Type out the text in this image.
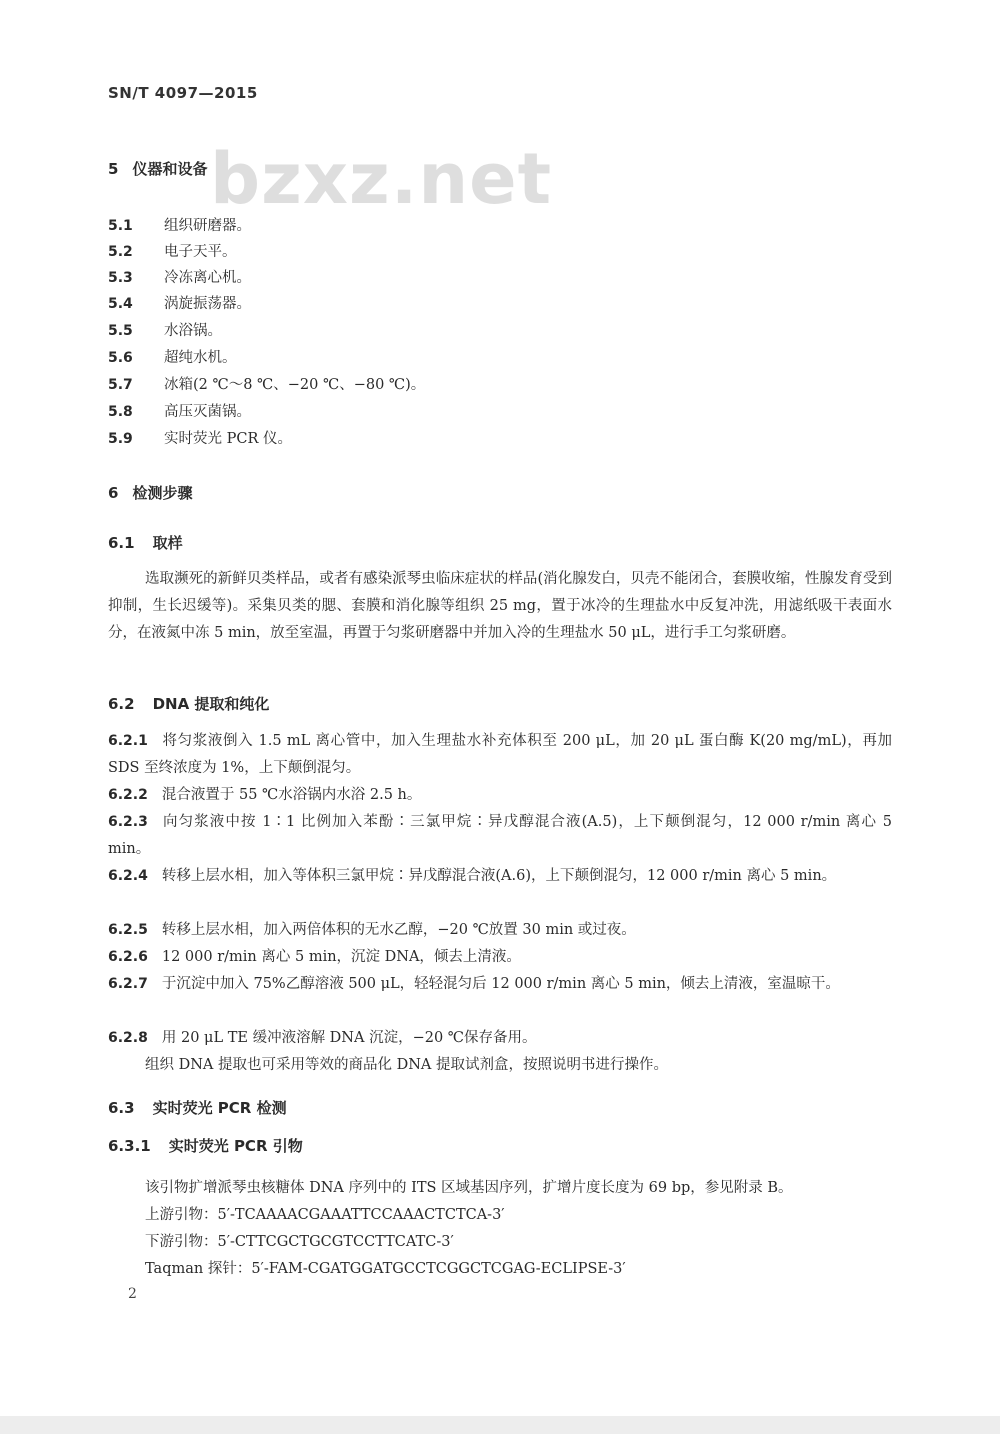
SN/T 4097—2015
bzxz.net
5 仪器和设备
5.1 组织研磨器。
5.2 电子天平。
5.3 冷冻离心机。
5.4 涡旋振荡器。
5.5 水浴锅。
5.6 超纯水机。
5.7 冰箱(2 ℃～8 ℃、−20 ℃、−80 ℃)。
5.8 高压灭菌锅。
5.9 实时荧光 PCR 仪。
6 检测步骤
6.1 取样
选取濒死的新鲜贝类样品，或者有感染派琴虫临床症状的样品(消化腺发白，贝壳不能闭合，套膜收缩，性腺发育受到抑制，生长迟缓等)。采集贝类的腮、套膜和消化腺等组织 25 mg，置于冰冷的生理盐水中反复冲洗，用滤纸吸干表面水分，在液氮中冻 5 min，放至室温，再置于匀浆研磨器中并加入冷的生理盐水 50 μL，进行手工匀浆研磨。
6.2 DNA 提取和纯化
6.2.1 将匀浆液倒入 1.5 mL 离心管中，加入生理盐水补充体积至 200 μL，加 20 μL 蛋白酶 K(20 mg/mL)，再加 SDS 至终浓度为 1%，上下颠倒混匀。
6.2.2 混合液置于 55 ℃水浴锅内水浴 2.5 h。
6.2.3 向匀浆液中按 1∶1 比例加入苯酚∶三氯甲烷∶异戊醇混合液(A.5)，上下颠倒混匀，12 000 r/min 离心 5 min。
6.2.4 转移上层水相，加入等体积三氯甲烷∶异戊醇混合液(A.6)，上下颠倒混匀，12 000 r/min 离心 5 min。
6.2.5 转移上层水相，加入两倍体积的无水乙醇，−20 ℃放置 30 min 或过夜。
6.2.6 12 000 r/min 离心 5 min，沉淀 DNA，倾去上清液。
6.2.7 于沉淀中加入 75%乙醇溶液 500 μL，轻轻混匀后 12 000 r/min 离心 5 min，倾去上清液，室温晾干。
6.2.8 用 20 μL TE 缓冲液溶解 DNA 沉淀，−20 ℃保存备用。
组织 DNA 提取也可采用等效的商品化 DNA 提取试剂盒，按照说明书进行操作。
6.3 实时荧光 PCR 检测
6.3.1 实时荧光 PCR 引物
该引物扩增派琴虫核糖体 DNA 序列中的 ITS 区域基因序列，扩增片度长度为 69 bp，参见附录 B。
上游引物：5′-TCAAAACGAAATTCCAAACTCTCA-3′
下游引物：5′-CTTCGCTGCGTCCTTCATC-3′
Taqman 探针：5′-FAM-CGATGGATGCCTCGGCTCGAG-ECLIPSE-3′
2
